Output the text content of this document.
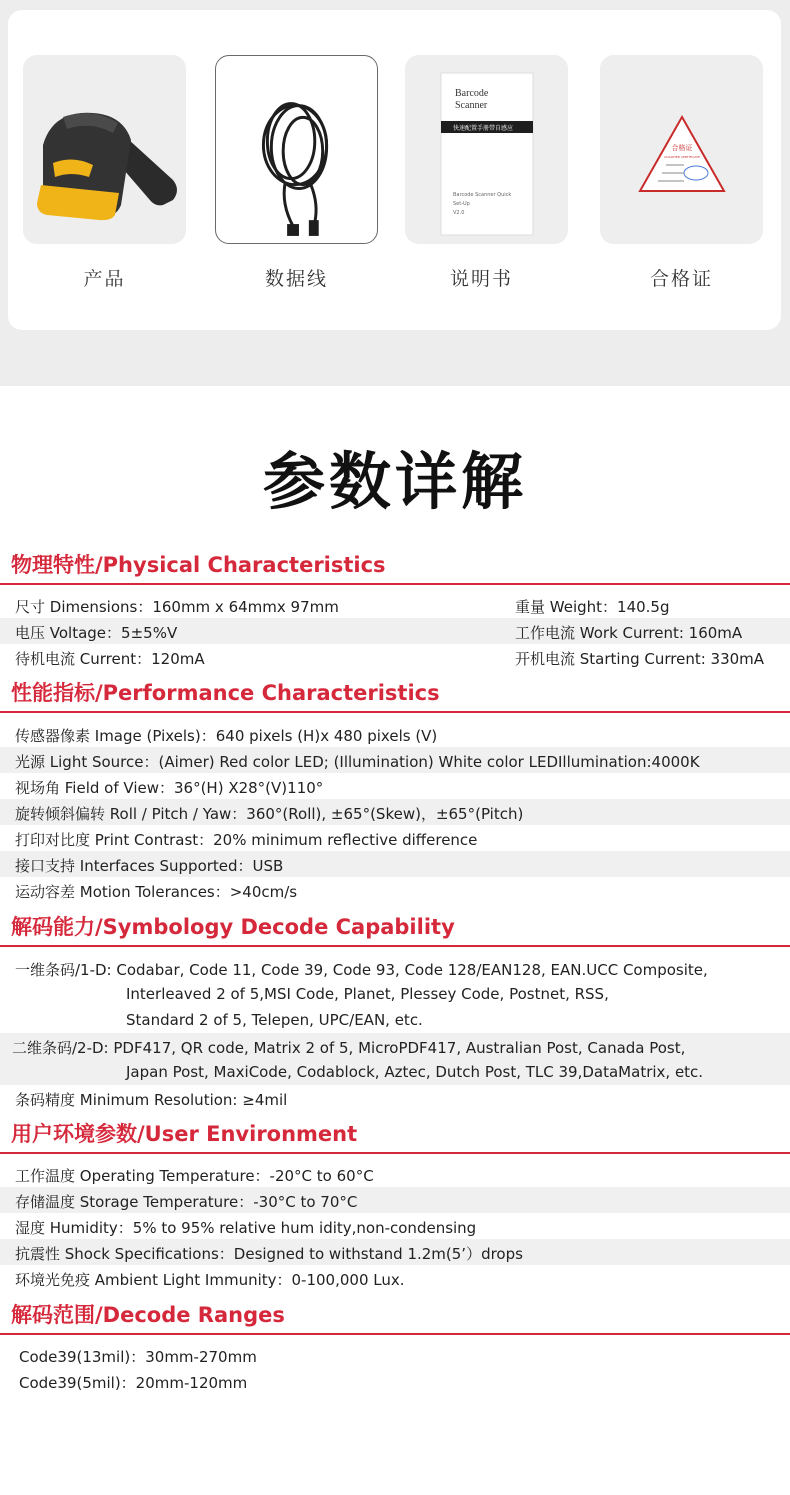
Barcode
Scanner
快速配置手册带自感应
Barcode Scanner Quick
Set-Up
V2.0
合格证
QUALIFIED CERTIFICATE
产品	数据线	说明书	合格证
参数详解
物理特性/Physical Characteristics
尺寸 Dimensions：160mm x 64mmx 97mm	重量 Weight：140.5g
电压 Voltage：5±5%V	工作电流 Work Current: 160mA
待机电流 Current：120mA	开机电流 Starting Current: 330mA
性能指标/Performance Characteristics
传感器像素 Image (Pixels)：640 pixels (H)x 480 pixels (V)
光源 Light Source：(Aimer) Red color LED; (Illumination) White color LEDIllumination:4000K
视场角 Field of View：36°(H) X28°(V)110°
旋转倾斜偏转 Roll / Pitch / Yaw：360°(Roll), ±65°(Skew)，±65°(Pitch)
打印对比度 Print Contrast：20% minimum reflective difference
接口支持 Interfaces Supported：USB
运动容差 Motion Tolerances：>40cm/s
解码能力/Symbology Decode Capability
一维条码/1-D: Codabar, Code 11, Code 39, Code 93, Code 128/EAN128, EAN.UCC Composite,
Interleaved 2 of 5,MSI Code, Planet, Plessey Code, Postnet, RSS,
Standard 2 of 5, Telepen, UPC/EAN, etc.
二维条码/2-D: PDF417, QR code, Matrix 2 of 5, MicroPDF417, Australian Post, Canada Post,
Japan Post, MaxiCode, Codablock, Aztec, Dutch Post, TLC 39,DataMatrix, etc.
条码精度 Minimum Resolution: ≥4mil
用户环境参数/User Environment
工作温度 Operating Temperature：-20°C to 60°C
存储温度 Storage Temperature：-30°C to 70°C
湿度 Humidity：5% to 95% relative hum idity,non-condensing
抗震性 Shock Specifications：Designed to withstand 1.2m(5’）drops
环境光免疫 Ambient Light Immunity：0-100,000 Lux.
解码范围/Decode Ranges
Code39(13mil)：30mm-270mm
Code39(5mil)：20mm-120mm
